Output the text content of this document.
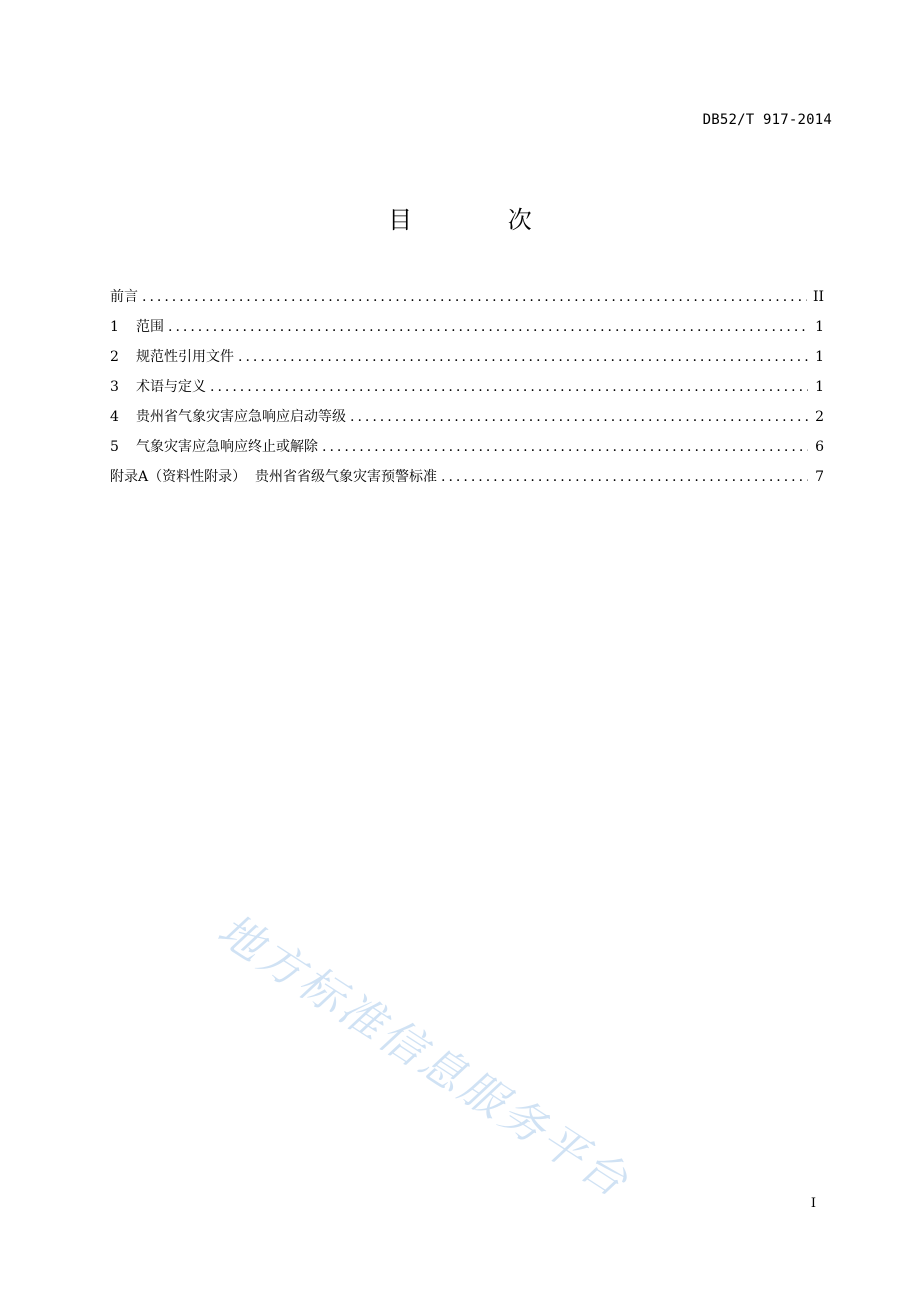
DB52/T 917-2014
目 次
前言 .....	II
1	范围 .....	1
2	规范性引用文件 .....	1
3	术语与定义 .....	1
4	贵州省气象灾害应急响应启动等级 .....	2
5	气象灾害应急响应终止或解除 .....	6
附录A（资料性附录）  贵州省省级气象灾害预警标准 .....	7
地方标准信息服务平台	I
